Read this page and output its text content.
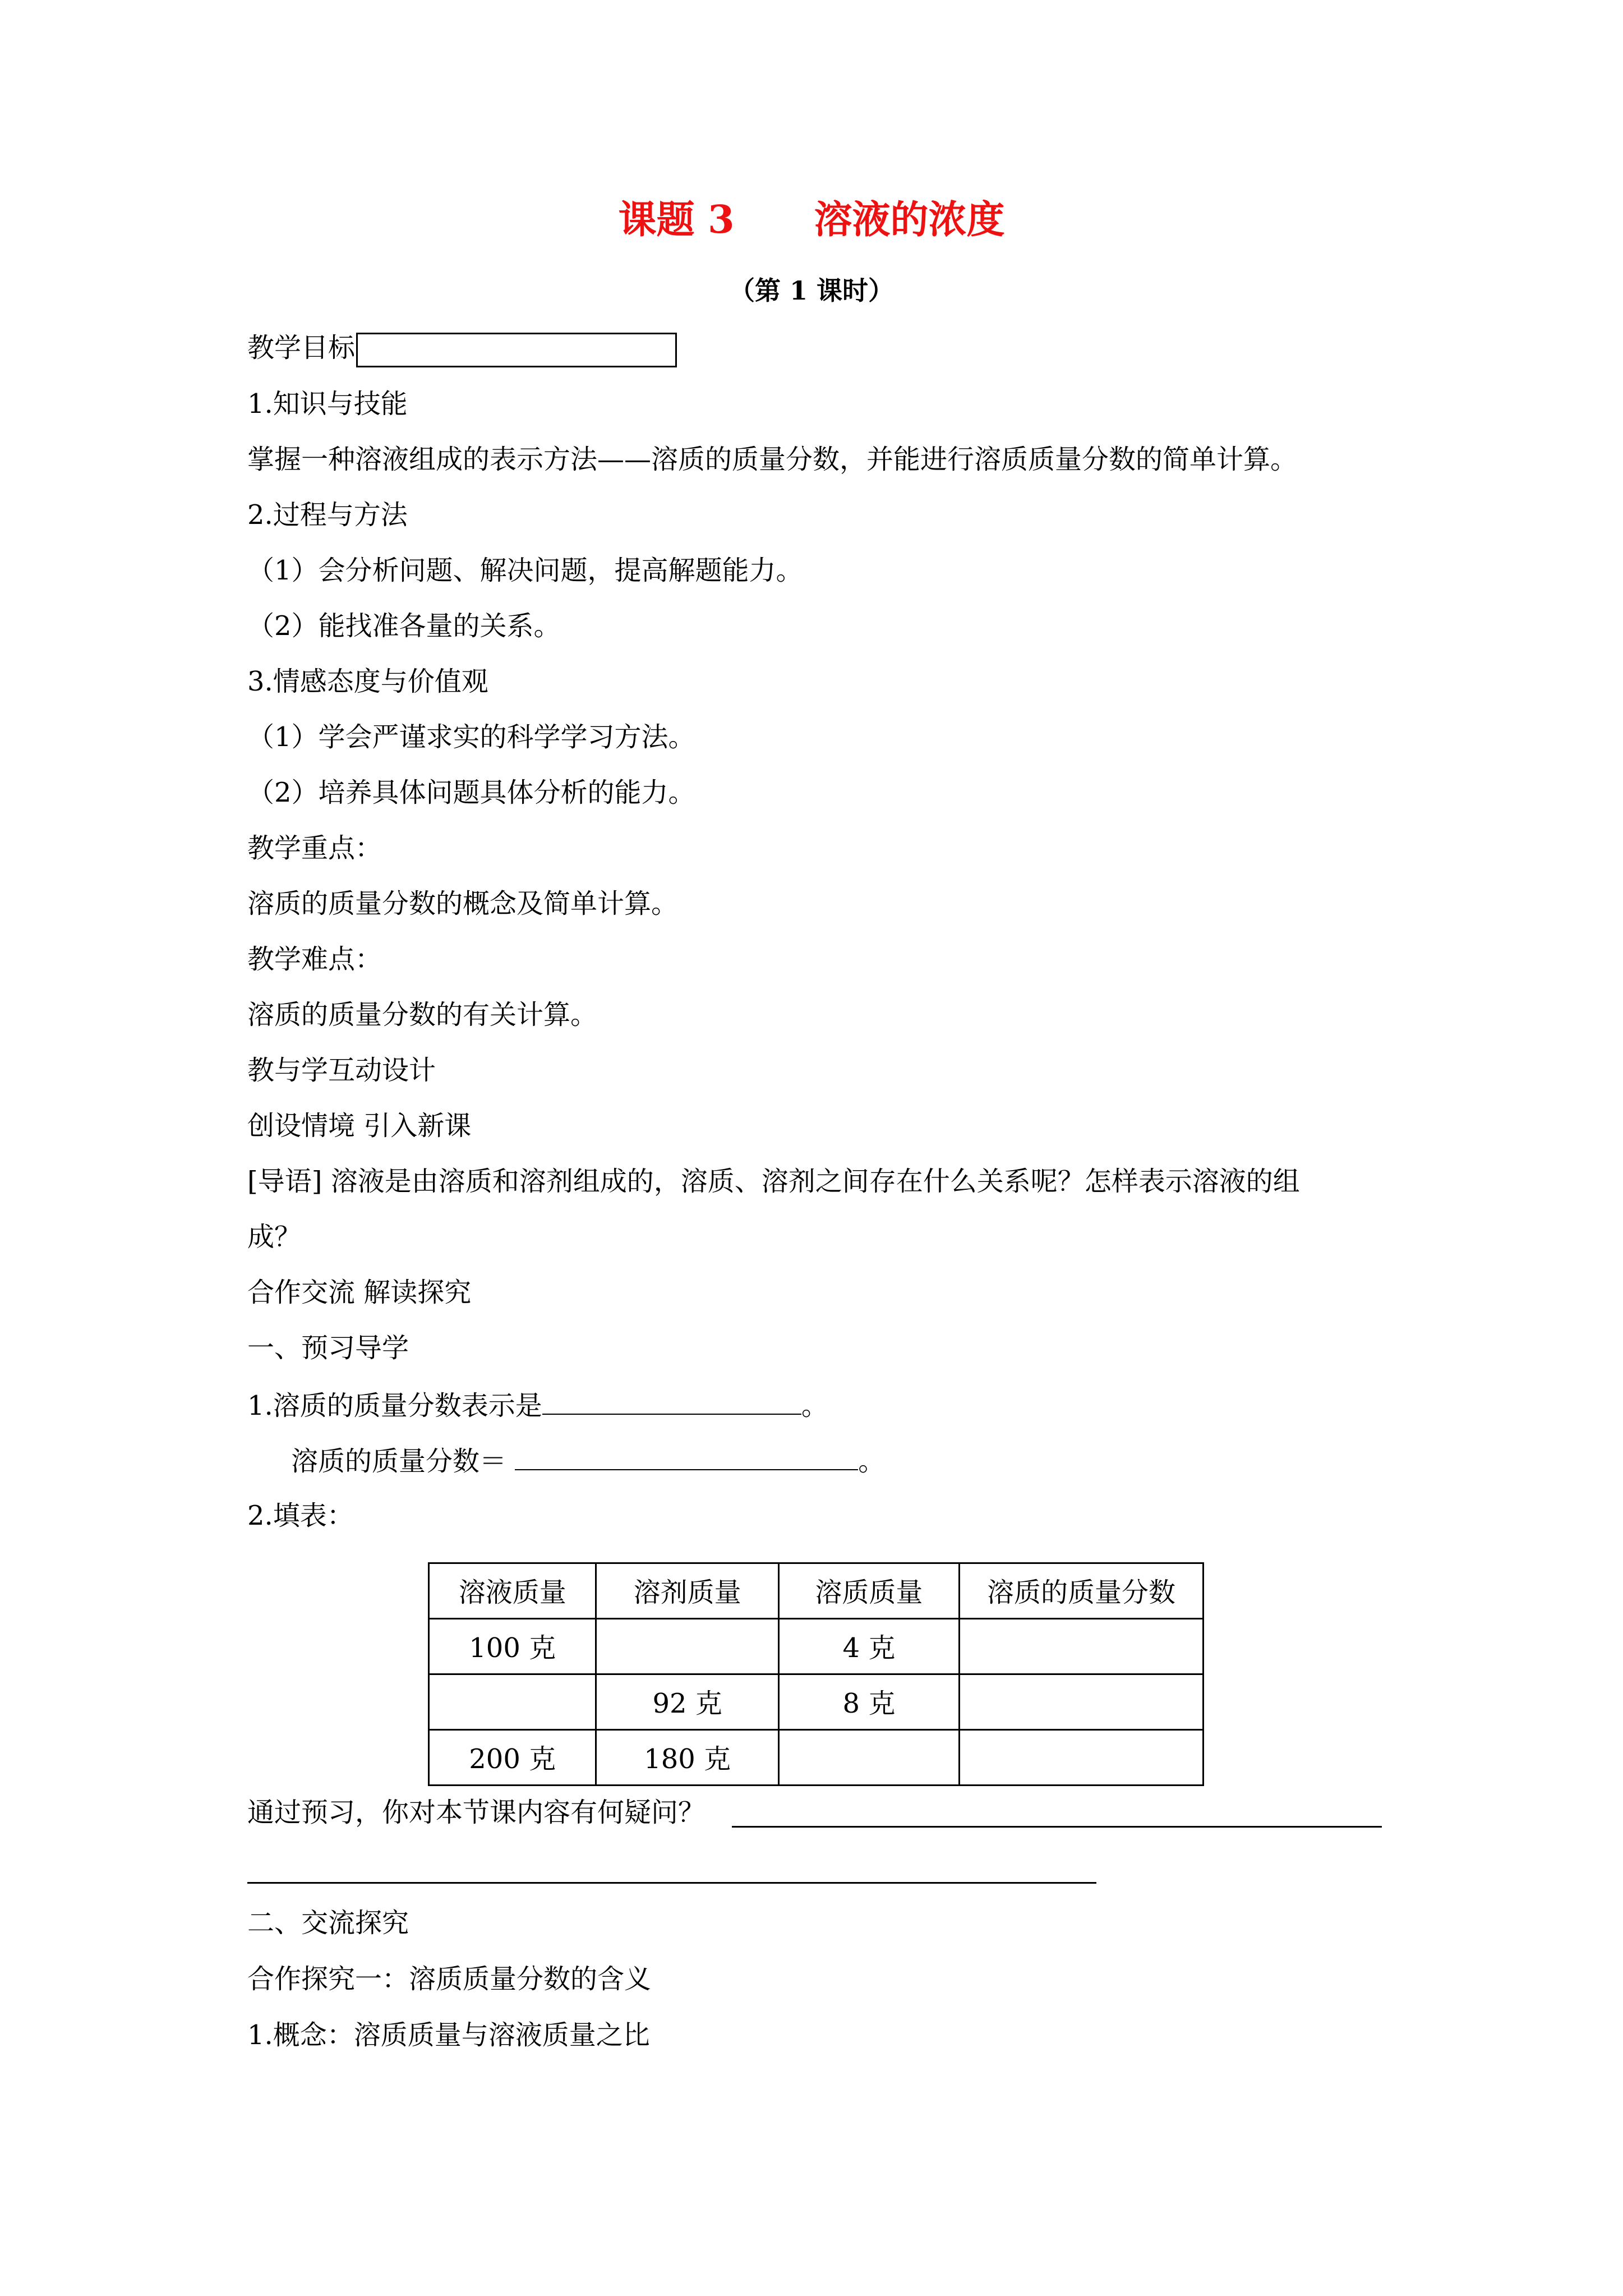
课题 3      溶液的浓度
（第 1 课时）
教学目标
1.知识与技能
掌握一种溶液组成的表示方法——溶质的质量分数，并能进行溶质质量分数的简单计算。
2.过程与方法
（1）会分析问题、解决问题，提高解题能力。
（2）能找准各量的关系。
3.情感态度与价值观
（1）学会严谨求实的科学学习方法。
（2）培养具体问题具体分析的能力。
教学重点：
溶质的质量分数的概念及简单计算。
教学难点：
溶质的质量分数的有关计算。
教与学互动设计
创设情境 引入新课
[导语] 溶液是由溶质和溶剂组成的，溶质、溶剂之间存在什么关系呢？怎样表示溶液的组
成？
合作交流 解读探究
一、预习导学
1.溶质的质量分数表示是	。
溶质的质量分数＝	。
2.填表：
溶液质量	溶剂质量	溶质质量	溶质的质量分数
100 克		4 克	
	92 克	8 克	
200 克	180 克		
通过预习，你对本节课内容有何疑问？
二、交流探究
合作探究一：溶质质量分数的含义
1.概念：溶质质量与溶液质量之比
